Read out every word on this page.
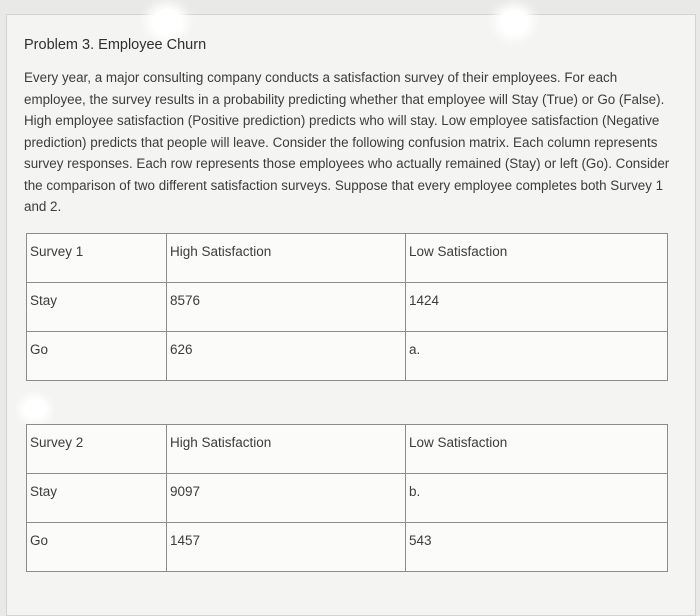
Problem 3. Employee Churn

Every year, a major consulting company conducts a satisfaction survey of their employees. For each employee, the survey results in a probability predicting whether that employee will Stay (True) or Go (False). High employee satisfaction (Positive prediction) predicts who will stay. Low employee satisfaction (Negative prediction) predicts that people will leave. Consider the following confusion matrix. Each column represents survey responses. Each row represents those employees who actually remained (Stay) or left (Go). Consider the comparison of two different satisfaction surveys. Suppose that every employee completes both Survey 1 and 2.

Survey 1	High Satisfaction	Low Satisfaction
Stay	8576	1424
Go	626	a.
Survey 2	High Satisfaction	Low Satisfaction
Stay	9097	b.
Go	1457	543
